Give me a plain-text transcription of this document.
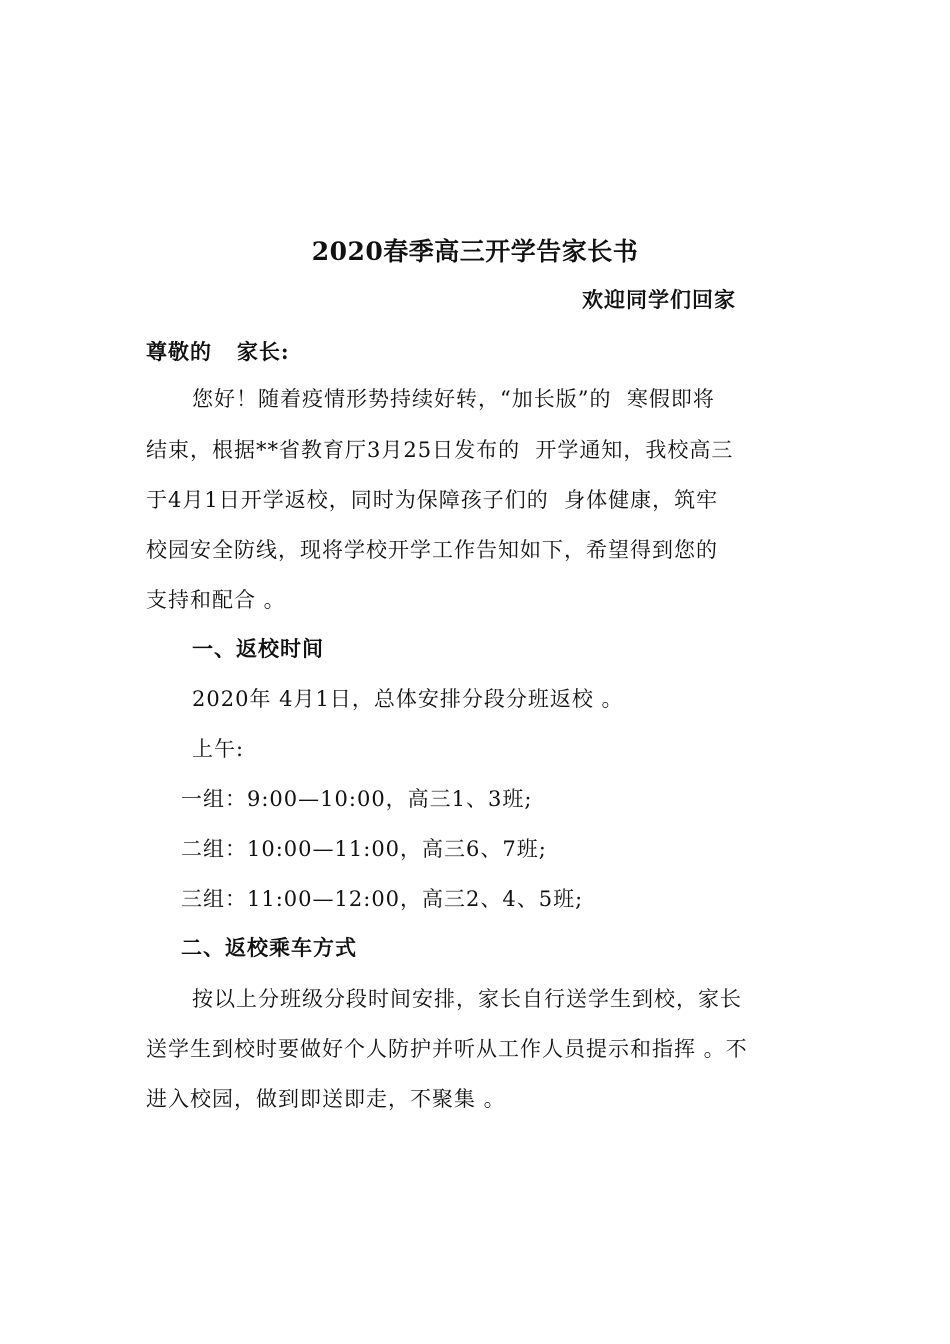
2020春季高三开学告家长书
欢迎同学们回家
尊敬的   家长:
您好！随着疫情形势持续好转，“加长版”的  寒假即将
结束，根据**省教育厅3月25日发布的  开学通知，我校高三
于4月1日开学返校，同时为保障孩子们的  身体健康，筑牢
校园安全防线，现将学校开学工作告知如下，希望得到您的
支持和配合 。
一、返校时间
2020年 4月1日，总体安排分段分班返校 。
上午:
一组：9:00—10:00，高三1、3班;
二组：10:00—11:00，高三6、7班;
三组：11:00—12:00，高三2、4、5班;
二、返校乘车方式
按以上分班级分段时间安排，家长自行送学生到校，家长
送学生到校时要做好个人防护并听从工作人员提示和指挥 。不
进入校园，做到即送即走，不聚集 。
